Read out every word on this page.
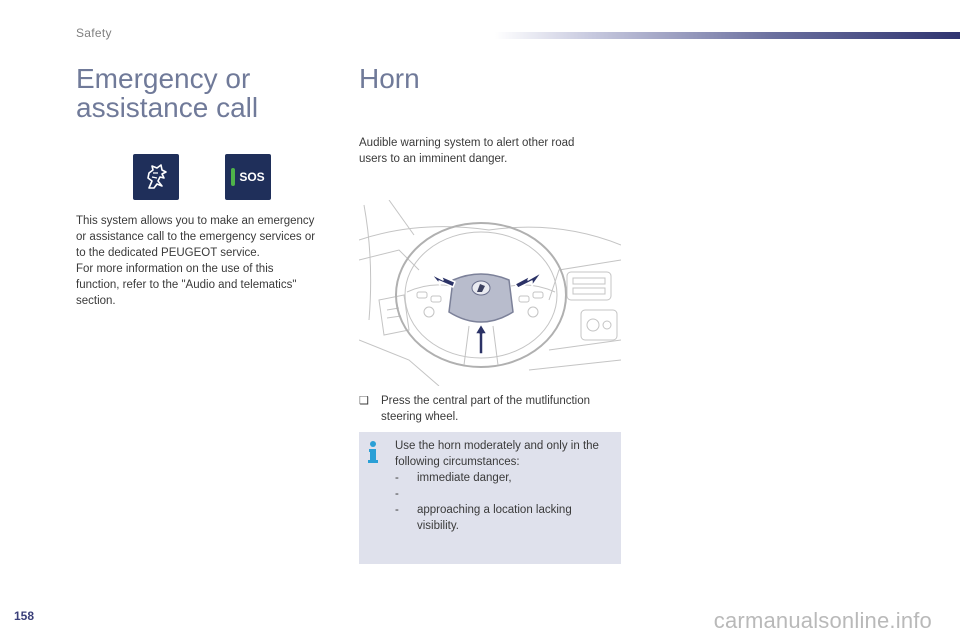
Safety
Emergency or
assistance call
SOS

This system allows you to make an emergency

or assistance call to the emergency services or

to the dedicated PEUGEOT service.

For more information on the use of this

function, refer to the "Audio and telematics"

section.

Horn

Audible warning system to alert other road

users to an imminent danger.

❑ Press the central part of the mutlifunction

steering wheel.

Use the horn moderately and only in the

following circumstances:

-	immediate danger,
-
-	approaching a location lacking
visibility.
158	carmanualsonline.info
